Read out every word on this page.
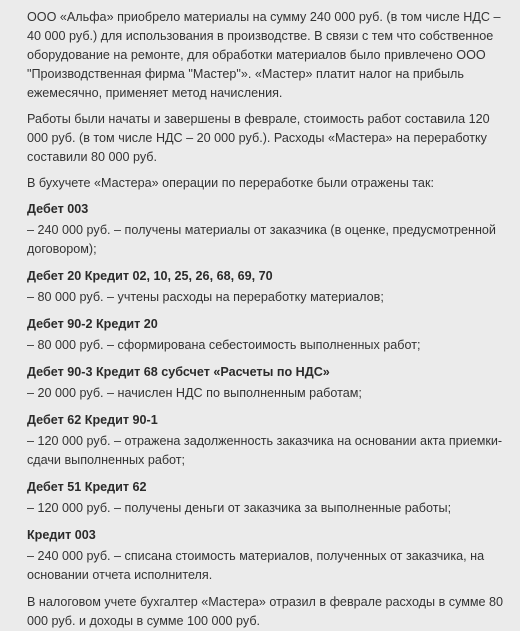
ООО «Альфа» приобрело материалы на сумму 240 000 руб. (в том числе НДС – 40 000 руб.) для использования в производстве. В связи с тем что собственное оборудование на ремонте, для обработки материалов было привлечено ООО "Производственная фирма "Мастер"». «Мастер» платит налог на прибыль ежемесячно, применяет метод начисления.

Работы были начаты и завершены в феврале, стоимость работ составила 120 000 руб. (в том числе НДС – 20 000 руб.). Расходы «Мастера» на переработку составили 80 000 руб.

В бухучете «Мастера» операции по переработке были отражены так:

Дебет 003
– 240 000 руб. – получены материалы от заказчика (в оценке, предусмотренной договором);
Дебет 20 Кредит 02, 10, 25, 26, 68, 69, 70
– 80 000 руб. – учтены расходы на переработку материалов;
Дебет 90-2 Кредит 20
– 80 000 руб. – сформирована себестоимость выполненных работ;
Дебет 90-3 Кредит 68 субсчет «Расчеты по НДС»
– 20 000 руб. – начислен НДС по выполненным работам;
Дебет 62 Кредит 90-1
– 120 000 руб. – отражена задолженность заказчика на основании акта приемки-сдачи выполненных работ;
Дебет 51 Кредит 62
– 120 000 руб. – получены деньги от заказчика за выполненные работы;
Кредит 003
– 240 000 руб. – списана стоимость материалов, полученных от заказчика, на основании отчета исполнителя.

В налоговом учете бухгалтер «Мастера» отразил в феврале расходы в сумме 80 000 руб. и доходы в сумме 100 000 руб.
